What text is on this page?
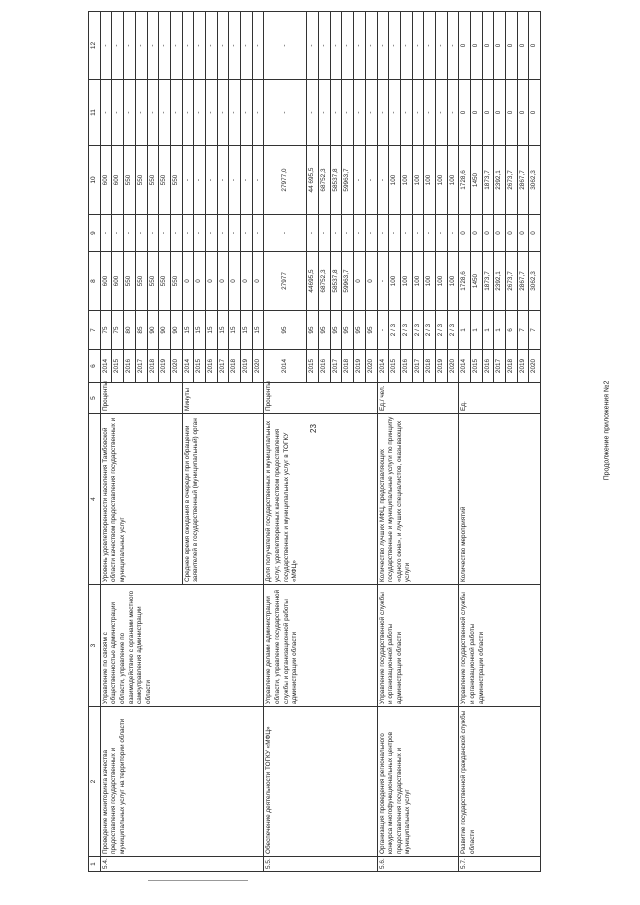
23	Продолжение приложения №2
1	2	3	4	5	6	7	8	9	10	11	12
5.4.	Проведение мониторинга качества предоставления государственных и муниципальных услуг на территории области	Управление по связям с общественностью администрации области, управление по взаимодействию с органами местного самоуправления администрации области	Уровень удовлетворенности населения Тамбовской области качеством предоставления государственных и муниципальных услуг	Проценты	2014	75	600	-	600	-	-
					2015	75	600	-	600	-	-
					2016	80	550	-	550	-	-
					2017	85	550	-	550	-	-
					2018	90	550	-	550	-	-
					2019	90	550	-	550	-	-
					2020	90	550	-	550	-	-
			Среднее время ожидания в очереди при обращении заявителей в государственный (муниципальный) орган	Минуты	2014	15	0	-	-	-	-
					2015	15	0	-	-	-	-
					2016	15	0	-	-	-	-
					2017	15	0	-	-	-	-
					2018	15	0	-	-	-	-
					2019	15	0	-	-	-	-
					2020	15	0	-	-	-	-
5.5.	Обеспечение деятельности ТОГКУ «МФЦ»	Управление делами администрации области, управление государственной службы и организационной работы администрации области	Доля получателей государственных и муниципальных услуг, удовлетворенных качеством предоставления государственных и муниципальных услуг в ТОГКУ «МФЦ»	Проценты	2014	95	27977	-	27977,0	-	-
					2015	95	44695,5	-	44 695,5	-	-
					2016	95	68752,3	-	68752,3	-	-
					2017	95	58537,8	-	58537,8	-	-
					2018	95	59963,7	-	59963,7	-	-
					2019	95	0	-	-	-	-
					2020	95	0	-	-	-	-
5.6.	Организация проведения регионального конкурса многофункциональных центров предоставления государственных и муниципальных услуг	Управление государственной службы и организационной работы администрации области	Количество лучших МФЦ, предоставляющих государственные и муниципальные услуги по принципу «одного окна», и лучших специалистов, оказывающих услуги	Ед./ чел.	2014	-	-	-	-	-	-
					2015	2 / 3	100	-	100	-	-
					2016	2 / 3	100	-	100	-	-
					2017	2 / 3	100	-	100	-	-
					2018	2 / 3	100	-	100	-	-
					2019	2 / 3	100	-	100	-	-
					2020	2 / 3	100	-	100	-	-
5.7.	Развитие государственной гражданской службы области	Управление государственной службы и организационной работы администрации области	Количество мероприятий	Ед.	2014	1	1728,6	0	1728,6	0	0
					2015	1	1450	0	1450	0	0
					2016	1	1873,7	0	1873,7	0	0
					2017	1	2392,1	0	2392,1	0	0
					2018	6	2673,7	0	2673,7	0	0
					2019	7	2867,7	0	2867,7	0	0
					2020	7	3062,3	0	3062,3	0	0
